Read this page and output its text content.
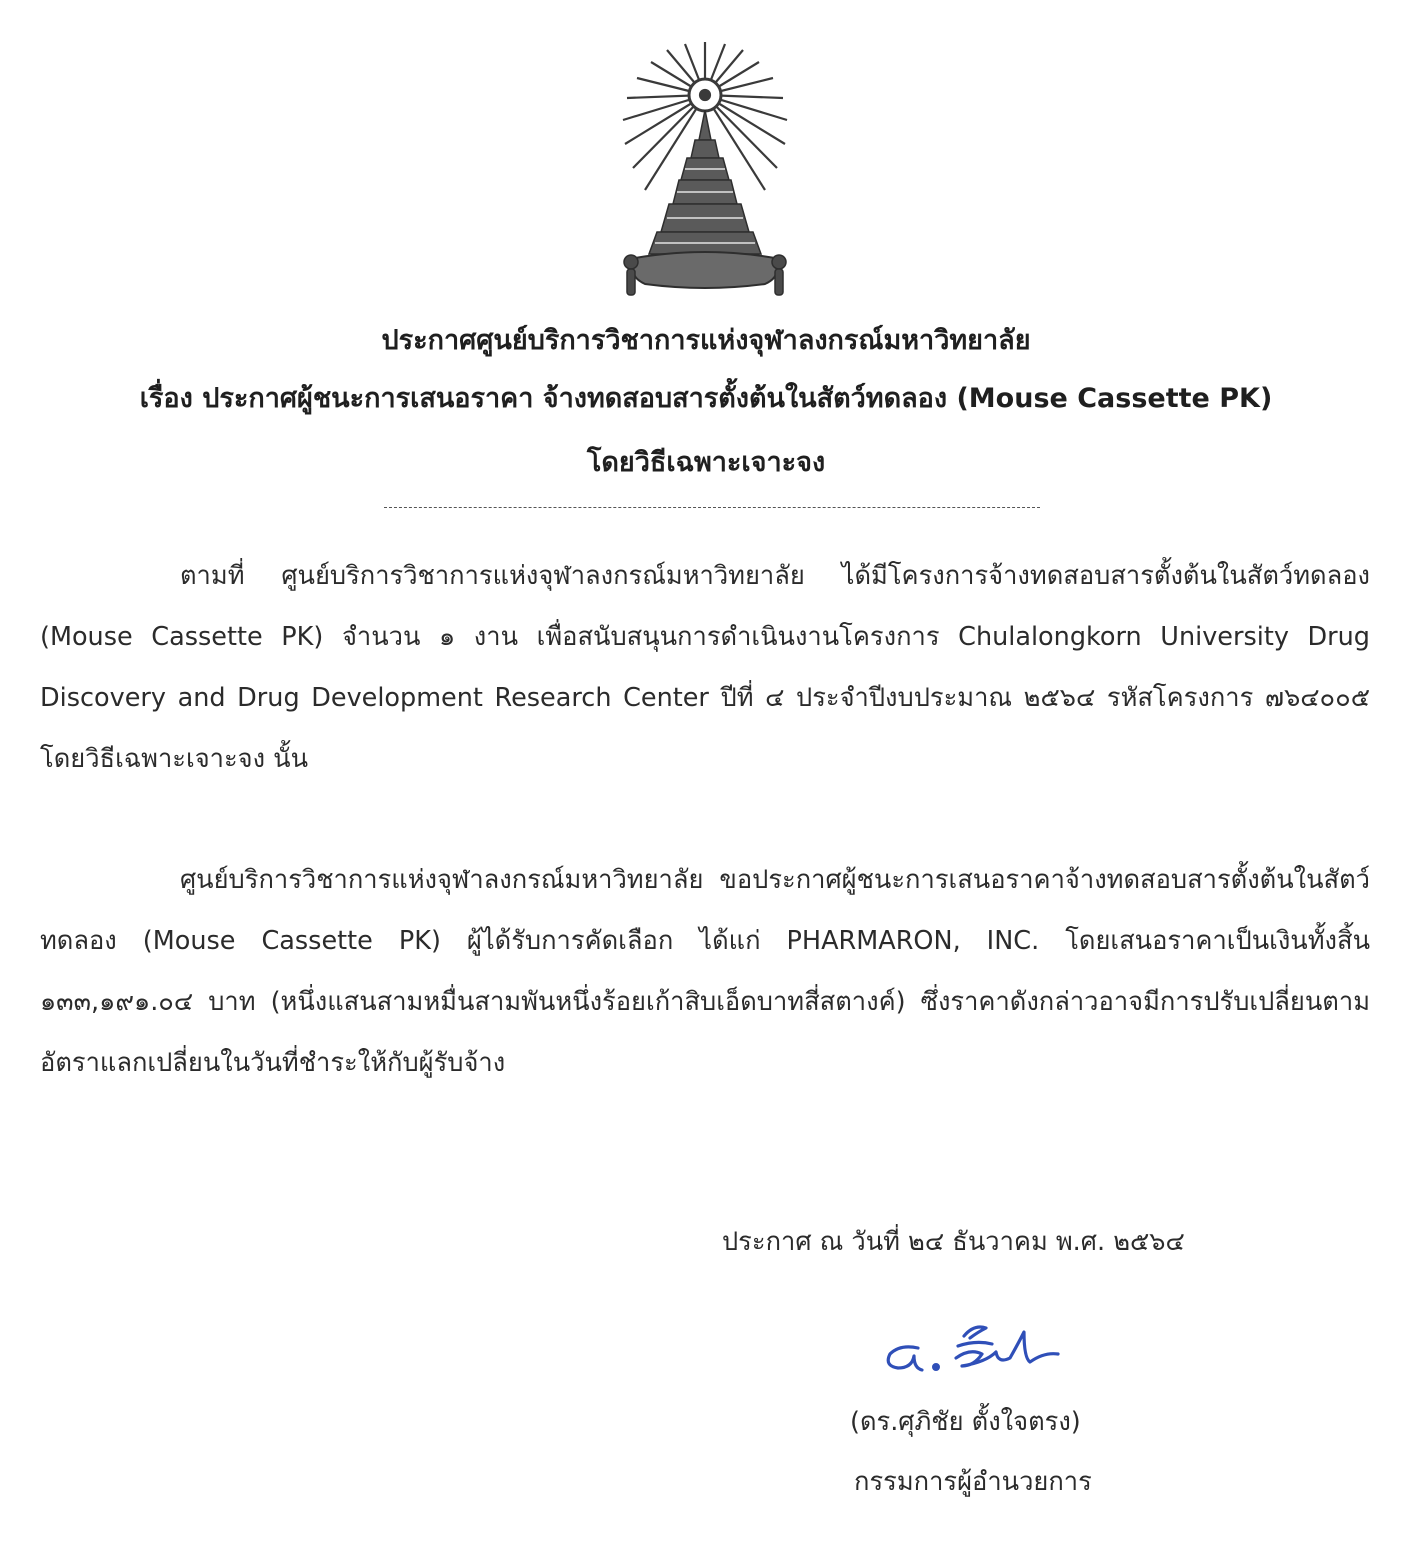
ประกาศศูนย์บริการวิชาการแห่งจุฬาลงกรณ์มหาวิทยาลัย
เรื่อง ประกาศผู้ชนะการเสนอราคา จ้างทดสอบสารตั้งต้นในสัตว์ทดลอง (Mouse Cassette PK)
โดยวิธีเฉพาะเจาะจง
ตามที่ ศูนย์บริการวิชาการแห่งจุฬาลงกรณ์มหาวิทยาลัย ได้มีโครงการจ้างทดสอบสารตั้งต้นในสัตว์ทดลอง (Mouse Cassette PK) จำนวน ๑ งาน เพื่อสนับสนุนการดำเนินงานโครงการ Chulalongkorn University Drug Discovery and Drug Development Research Center ปีที่ ๔ ประจำปีงบประมาณ ๒๕๖๔ รหัสโครงการ ๗๖๔๐๐๕ โดยวิธีเฉพาะเจาะจง นั้น
ศูนย์บริการวิชาการแห่งจุฬาลงกรณ์มหาวิทยาลัย ขอประกาศผู้ชนะการเสนอราคาจ้างทดสอบสารตั้งต้นในสัตว์ทดลอง (Mouse Cassette PK) ผู้ได้รับการคัดเลือก ได้แก่ PHARMARON, INC. โดยเสนอราคาเป็นเงินทั้งสิ้น ๑๓๓,๑๙๑.๐๔ บาท (หนึ่งแสนสามหมื่นสามพันหนึ่งร้อยเก้าสิบเอ็ดบาทสี่สตางค์) ซึ่งราคาดังกล่าวอาจมีการปรับเปลี่ยนตามอัตราแลกเปลี่ยนในวันที่ชำระให้กับผู้รับจ้าง
ประกาศ ณ วันที่ ๒๔ ธันวาคม พ.ศ. ๒๕๖๔
(ดร.ศุภิชัย ตั้งใจตรง)
กรรมการผู้อำนวยการ
